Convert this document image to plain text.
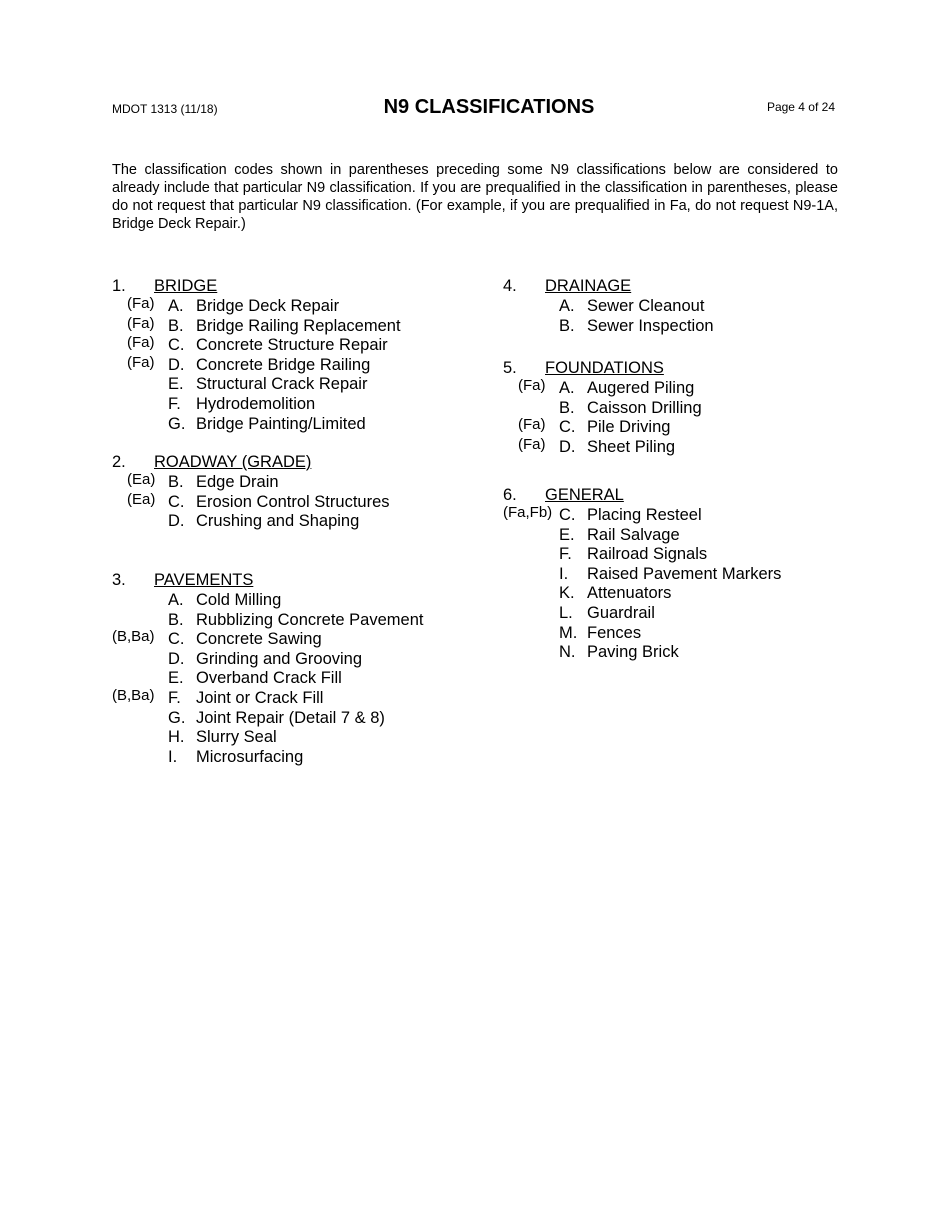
MDOT 1313 (11/18)	N9 CLASSIFICATIONS	Page 4 of 24
The classification codes shown in parentheses preceding some N9 classifications below are considered to already include that particular N9 classification. If you are prequalified in the classification in parentheses, please do not request that particular N9 classification. (For example, if you are prequalified in Fa, do not request N9-1A, Bridge Deck Repair.)
1. BRIDGE
(Fa) A. Bridge Deck Repair
(Fa) B. Bridge Railing Replacement
(Fa) C. Concrete Structure Repair
(Fa) D. Concrete Bridge Railing
E. Structural Crack Repair
F. Hydrodemolition
G. Bridge Painting/Limited
2. ROADWAY (GRADE)
(Ea) B. Edge Drain
(Ea) C. Erosion Control Structures
D. Crushing and Shaping
3. PAVEMENTS
A. Cold Milling
B. Rubblizing Concrete Pavement
(B,Ba) C. Concrete Sawing
D. Grinding and Grooving
E. Overband Crack Fill
(B,Ba) F. Joint or Crack Fill
G. Joint Repair (Detail 7 & 8)
H. Slurry Seal
I. Microsurfacing
4. DRAINAGE
A. Sewer Cleanout
B. Sewer Inspection
5. FOUNDATIONS
(Fa) A. Augered Piling
B. Caisson Drilling
(Fa) C. Pile Driving
(Fa) D. Sheet Piling
6. GENERAL
(Fa,Fb) C. Placing Resteel
E. Rail Salvage
F. Railroad Signals
I. Raised Pavement Markers
K. Attenuators
L. Guardrail
M. Fences
N. Paving Brick
